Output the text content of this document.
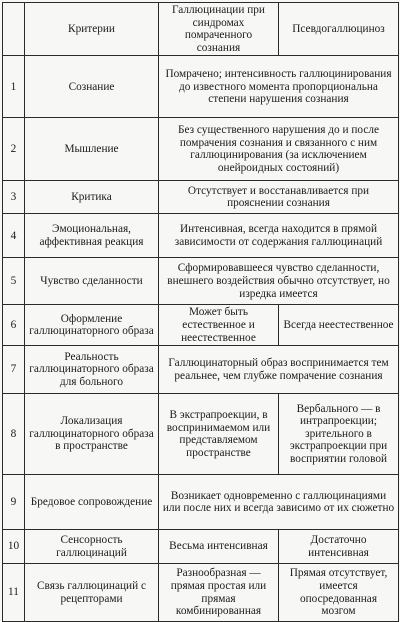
	Критерии	Галлюцинации при синдромах помраченного сознания	Псевдогаллюциноз
1	Сознание	Помрачено; интенсивность галлюцинирования до известного момента пропорциональна степени нарушения сознания	
2	Мышление	Без существенного нарушения до и после помрачения сознания и связанного с ним галлюцинирования (за исключением онейроидных состояний)	
3	Критика	Отсутствует и восстанавливается при прояснении сознания	
4	Эмоциональная, аффективная реакция	Интенсивная, всегда находится в прямой зависимости от содержания галлюцинаций	
5	Чувство сделанности	Сформировавшееся чувство сделанности, внешнего воздействия обычно отсутствует, но изредка имеется	
6	Оформление галлюцинаторного образа	Может быть естественное и неестественное	Всегда неестественное
7	Реальность галлюцинаторного образа для больного	Галлюцинаторный образ воспринимается тем реальнее, чем глубже помрачение сознания	
8	Локализация галлюцинаторного образа в пространстве	В экстрапроекции, в воспринимаемом или представляемом пространстве	Вербального — в интрапроекции; зрительного в экстрапроекции при восприятии головой
9	Бредовое сопровождение	Возникает одновременно с галлюцинациями или после них и всегда зависимо от их сюжетно	
10	Сенсорность галлюцинаций	Весьма интенсивная	Достаточно интенсивная
11	Связь галлюцинаций с рецепторами	Разнообразная — прямая простая или прямая комбинированная	Прямая отсутствует, имеется опосредованная мозгом
